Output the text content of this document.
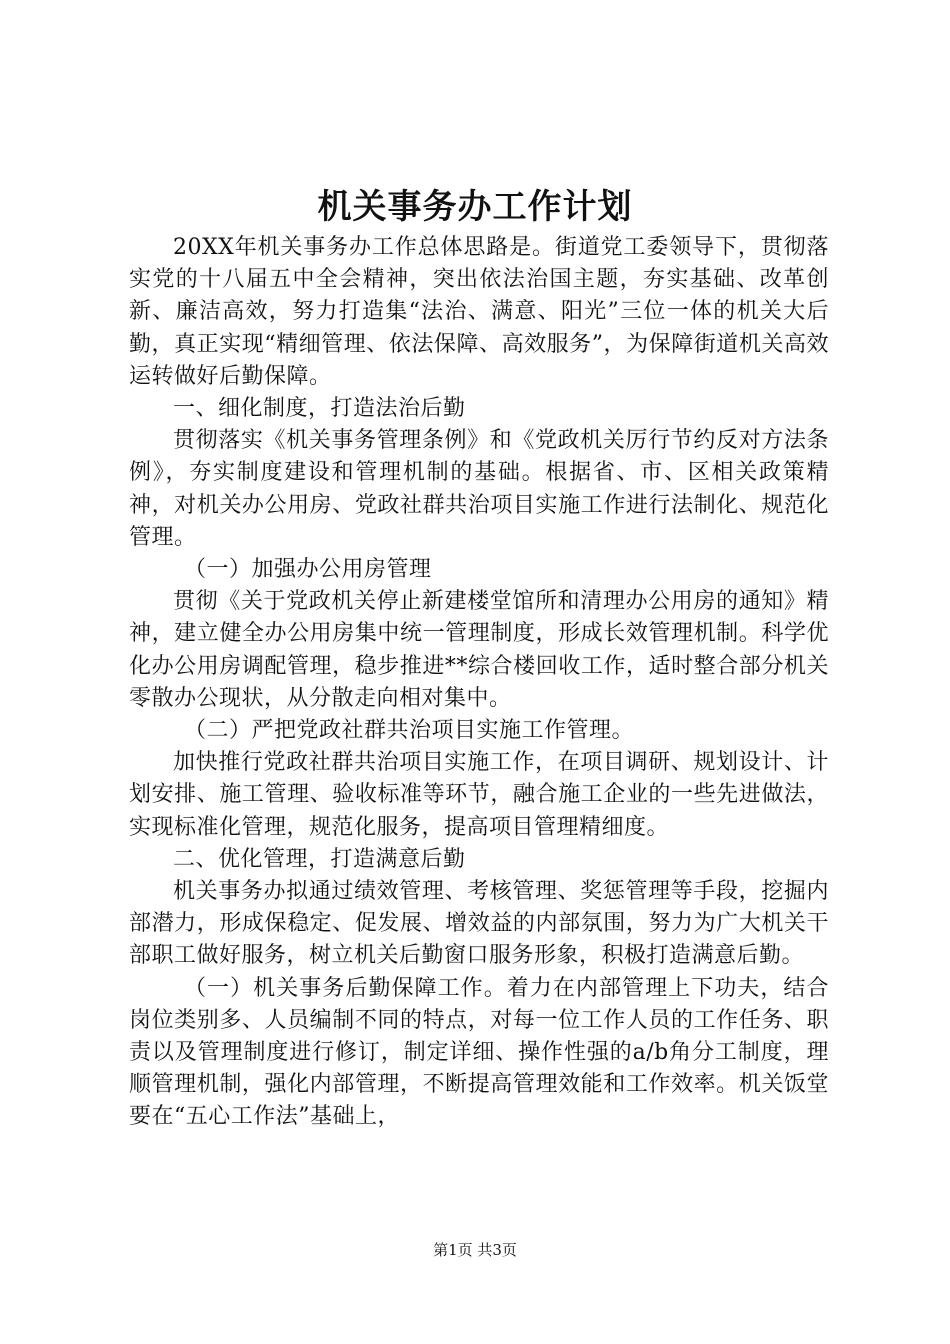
机关事务办工作计划

20XX年机关事务办工作总体思路是。街道党工委领导下，贯彻落实党的十八届五中全会精神，突出依法治国主题，夯实基础、改革创新、廉洁高效，努力打造集“法治、满意、阳光”三位一体的机关大后勤，真正实现“精细管理、依法保障、高效服务”，为保障街道机关高效运转做好后勤保障。

一、细化制度，打造法治后勤

贯彻落实《机关事务管理条例》和《党政机关厉行节约反对方法条例》，夯实制度建设和管理机制的基础。根据省、市、区相关政策精神，对机关办公用房、党政社群共治项目实施工作进行法制化、规范化管理。

（一）加强办公用房管理

贯彻《关于党政机关停止新建楼堂馆所和清理办公用房的通知》精神，建立健全办公用房集中统一管理制度，形成长效管理机制。科学优化办公用房调配管理，稳步推进**综合楼回收工作，适时整合部分机关零散办公现状，从分散走向相对集中。

（二）严把党政社群共治项目实施工作管理。

加快推行党政社群共治项目实施工作，在项目调研、规划设计、计划安排、施工管理、验收标准等环节，融合施工企业的一些先进做法，实现标准化管理，规范化服务，提高项目管理精细度。

二、优化管理，打造满意后勤

机关事务办拟通过绩效管理、考核管理、奖惩管理等手段，挖掘内部潜力，形成保稳定、促发展、增效益的内部氛围，努力为广大机关干部职工做好服务，树立机关后勤窗口服务形象，积极打造满意后勤。

（一）机关事务后勤保障工作。着力在内部管理上下功夫，结合岗位类别多、人员编制不同的特点，对每一位工作人员的工作任务、职责以及管理制度进行修订，制定详细、操作性强的a/b角分工制度，理顺管理机制，强化内部管理，不断提高管理效能和工作效率。机关饭堂要在“五心工作法”基础上，

第1页 共3页
